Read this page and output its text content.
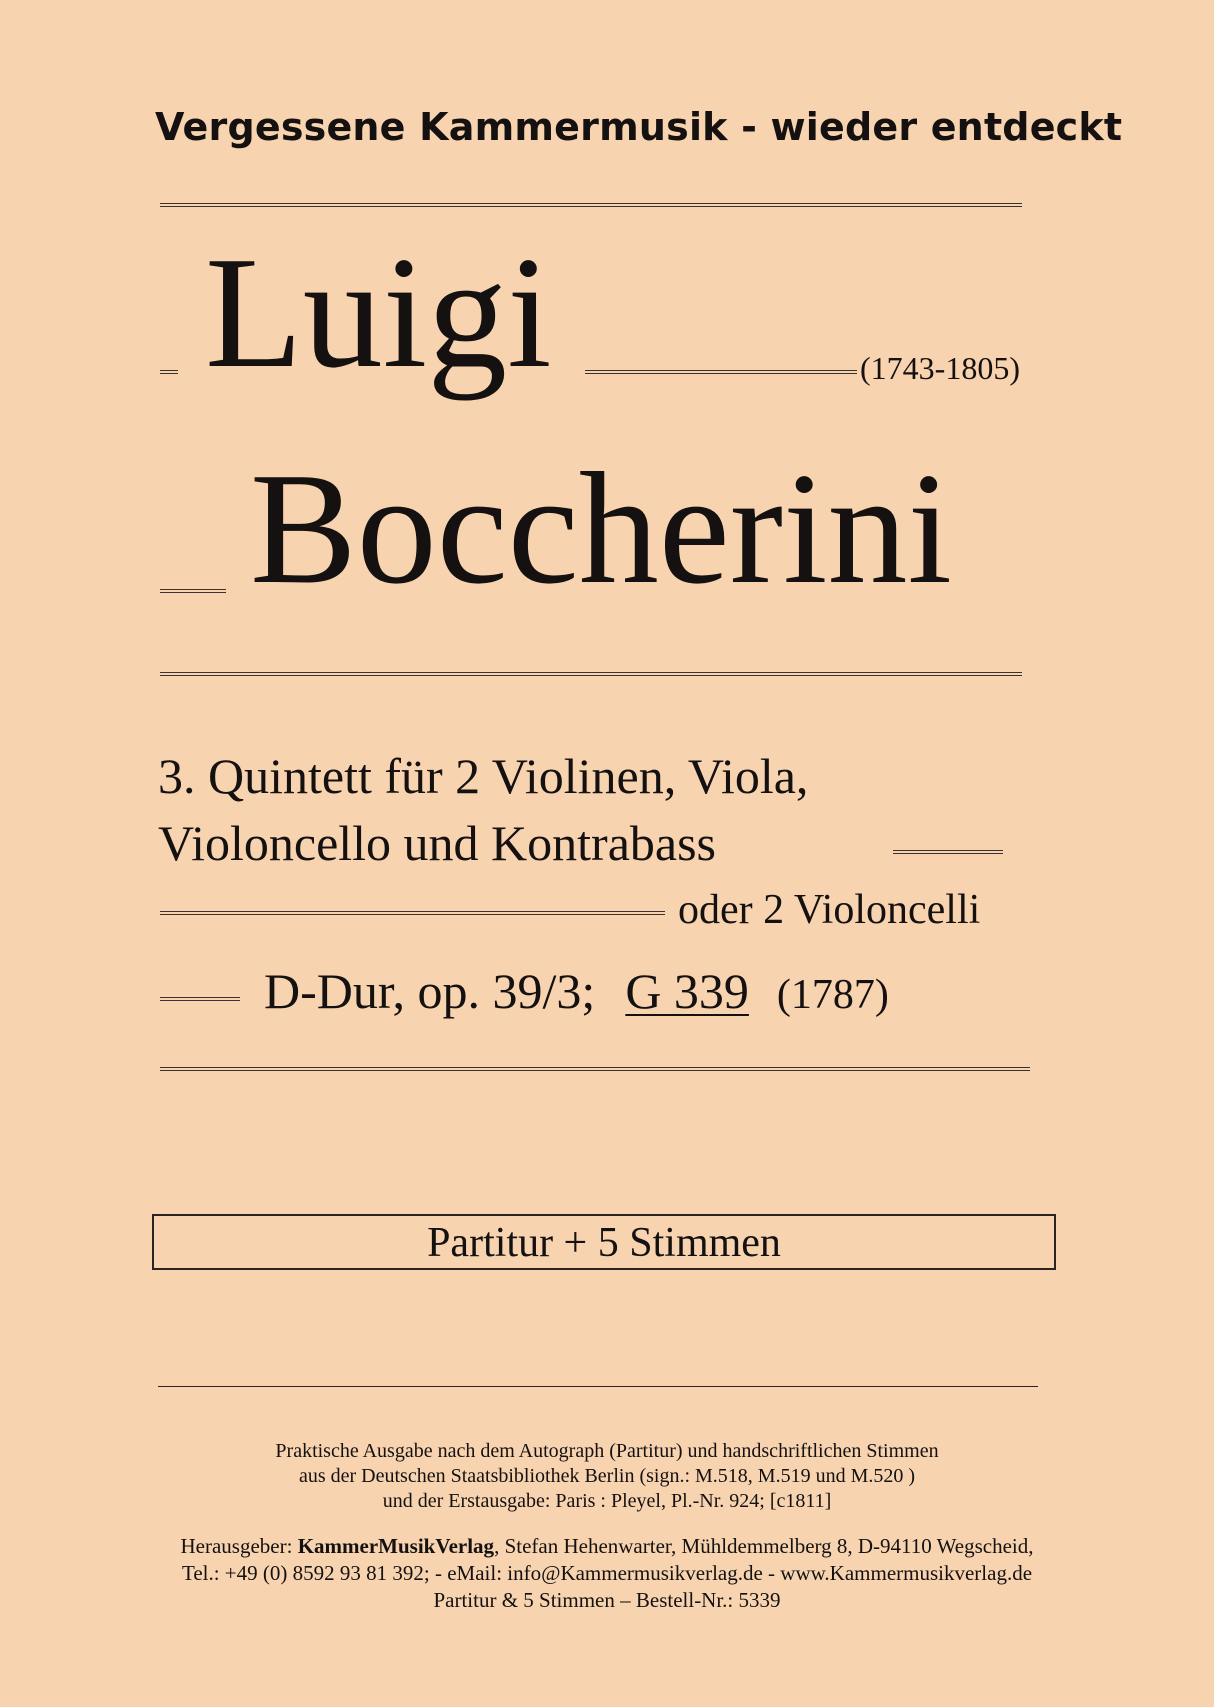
Vergessene Kammermusik - wieder entdeckt
Luigi	(1743-1805)
Boccherini
3. Quintett für 2 Violinen, Viola,
Violoncello und Kontrabass
oder 2 Violoncelli
D-Dur, op. 39/3; G 339 (1787)
Partitur + 5 Stimmen
Praktische Ausgabe nach dem Autograph (Partitur) und handschriftlichen Stimmen
aus der Deutschen Staatsbibliothek Berlin (sign.: M.518, M.519 und M.520 )
und der Erstausgabe: Paris : Pleyel, Pl.-Nr. 924; [c1811]
Herausgeber: KammerMusikVerlag, Stefan Hehenwarter, Mühldemmelberg 8, D-94110 Wegscheid,
Tel.: +49 (0) 8592 93 81 392; - eMail: info@Kammermusikverlag.de - www.Kammermusikverlag.de
Partitur & 5 Stimmen – Bestell-Nr.: 5339
